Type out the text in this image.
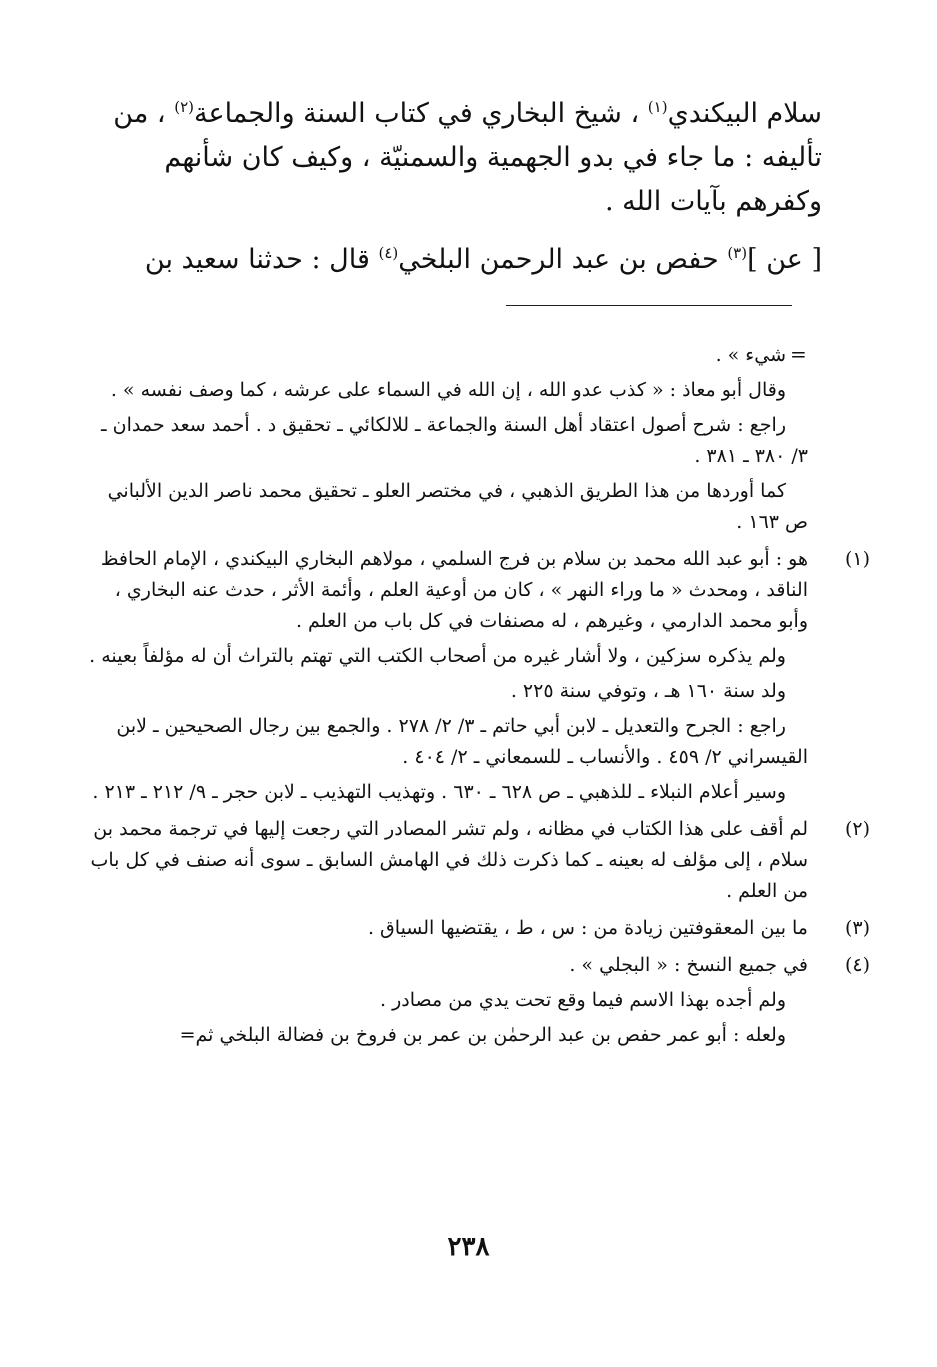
سلام البيكندي$^{(١)}$ ، شيخ البخاري في كتاب السنة والجماعة$^{(٢)}$ ، من تأليفه : ما جاء في بدو الجهمية والسمنيّة ، وكيف كان شأنهم وكفرهم بآيات الله .

[ عن ]$^{(٣)}$ حفص بن عبد الرحمن البلخي$^{(٤)}$ قال : حدثنا سعيد بن

=

شيء » .

وقال أبو معاذ : « كذب عدو الله ، إن الله في السماء على عرشه ، كما وصف نفسه » .

راجع : شرح أصول اعتقاد أهل السنة والجماعة ـ للالكائي ـ تحقيق د . أحمد سعد حمدان ـ ٣/ ٣٨٠ ـ ٣٨١ .

كما أوردها من هذا الطريق الذهبي ، في مختصر العلو ـ تحقيق محمد ناصر الدين الألباني ص ١٦٣ .

(١)

هو : أبو عبد الله محمد بن سلام بن فرج السلمي ، مولاهم البخاري البيكندي ، الإمام الحافظ الناقد ، ومحدث « ما وراء النهر » ، كان من أوعية العلم ، وأئمة الأثر ، حدث عنه البخاري ، وأبو محمد الدارمي ، وغيرهم ، له مصنفات في كل باب من العلم .

ولم يذكره سزكين ، ولا أشار غيره من أصحاب الكتب التي تهتم بالتراث أن له مؤلفاً بعينه .

ولد سنة ١٦٠ هـ ، وتوفي سنة ٢٢٥ .

راجع : الجرح والتعديل ـ لابن أبي حاتم ـ ٣/ ٢/ ٢٧٨ . والجمع بين رجال الصحيحين ـ لابن القيسراني ٢/ ٤٥٩ . والأنساب ـ للسمعاني ـ ٢/ ٤٠٤ .

وسير أعلام النبلاء ـ للذهبي ـ ص ٦٢٨ ـ ٦٣٠ . وتهذيب التهذيب ـ لابن حجر ـ ٩/ ٢١٢ ـ ٢١٣ .

(٢)

لم أقف على هذا الكتاب في مظانه ، ولم تشر المصادر التي رجعت إليها في ترجمة محمد بن سلام ، إلى مؤلف له بعينه ـ كما ذكرت ذلك في الهامش السابق ـ سوى أنه صنف في كل باب من العلم .

(٣)

ما بين المعقوفتين زيادة من : س ، ط ، يقتضيها السياق .

(٤)

في جميع النسخ : « البجلي » .

ولم أجده بهذا الاسم فيما وقع تحت يدي من مصادر .

ولعله : أبو عمر حفص بن عبد الرحمٰن بن عمر بن فروخ بن فضالة البلخي ثم=

٢٣٨
